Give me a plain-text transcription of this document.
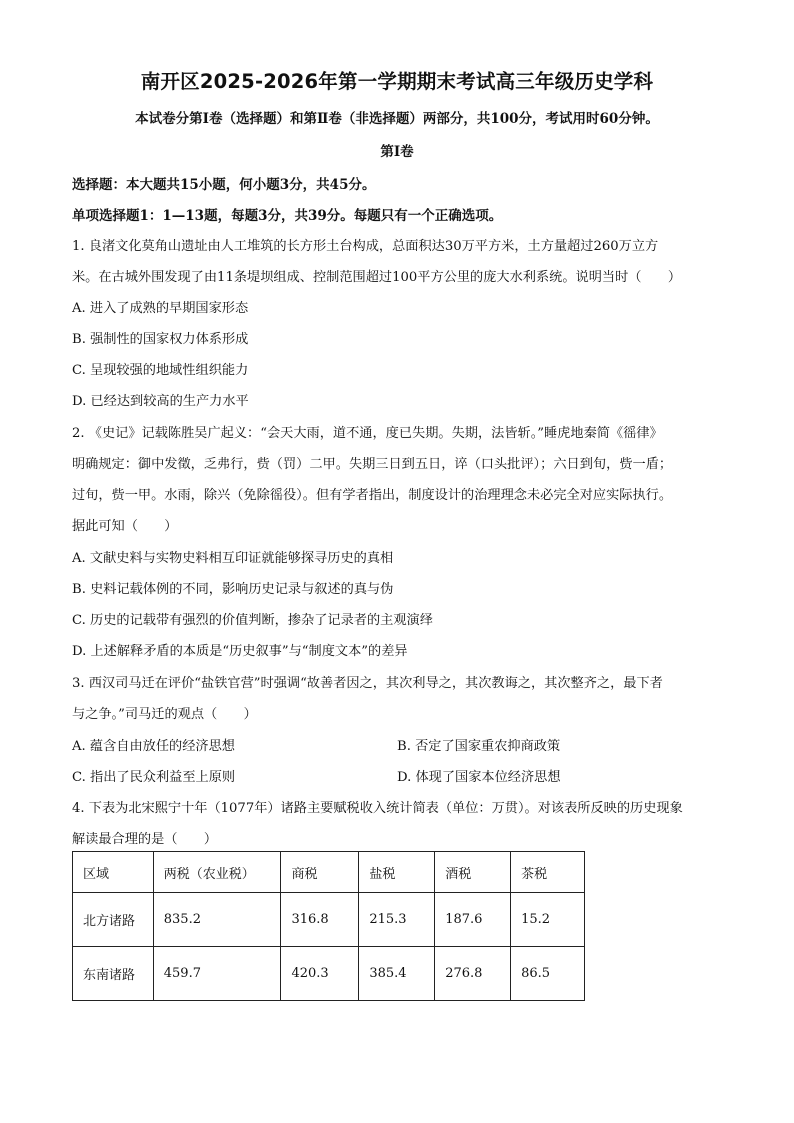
南开区2025-2026年第一学期期末考试高三年级历史学科
本试卷分第Ⅰ卷（选择题）和第Ⅱ卷（非选择题）两部分，共100分，考试用时60分钟。
第Ⅰ卷
选择题：本大题共15小题，何小题3分，共45分。
单项选择题1：1—13题，每题3分，共39分。每题只有一个正确选项。
1. 良渚文化莫角山遗址由人工堆筑的长方形土台构成，总面积达30万平方米，土方量超过260万立方
米。在古城外围发现了由11条堤坝组成、控制范围超过100平方公里的庞大水利系统。说明当时（　　）
A. 进入了成熟的早期国家形态
B. 强制性的国家权力体系形成
C. 呈现较强的地域性组织能力
D. 已经达到较高的生产力水平
2. 《史记》记载陈胜吴广起义：“会天大雨，道不通，度已失期。失期，法皆斩。”睡虎地秦简《徭律》
明确规定：御中发徵，乏弗行，赀（罚）二甲。失期三日到五日，谇（口头批评）；六日到旬，赀一盾；
过旬，赀一甲。水雨，除兴（免除徭役）。但有学者指出，制度设计的治理理念未必完全对应实际执行。
据此可知（　　）
A. 文献史料与实物史料相互印证就能够探寻历史的真相
B. 史料记载体例的不同，影响历史记录与叙述的真与伪
C. 历史的记载带有强烈的价值判断，掺杂了记录者的主观演绎
D. 上述解释矛盾的本质是“历史叙事”与“制度文本”的差异
3. 西汉司马迁在评价“盐铁官营”时强调“故善者因之，其次利导之，其次教诲之，其次整齐之，最下者
与之争。”司马迁的观点（　　）
A. 蕴含自由放任的经济思想	B. 否定了国家重农抑商政策
C. 指出了民众利益至上原则	D. 体现了国家本位经济思想
4. 下表为北宋熙宁十年（1077年）诸路主要赋税收入统计简表（单位：万贯）。对该表所反映的历史现象
解读最合理的是（　　）
区域	两税（农业税）	商税	盐税	酒税	茶税
北方诸路	835.2	316.8	215.3	187.6	15.2
东南诸路	459.7	420.3	385.4	276.8	86.5
